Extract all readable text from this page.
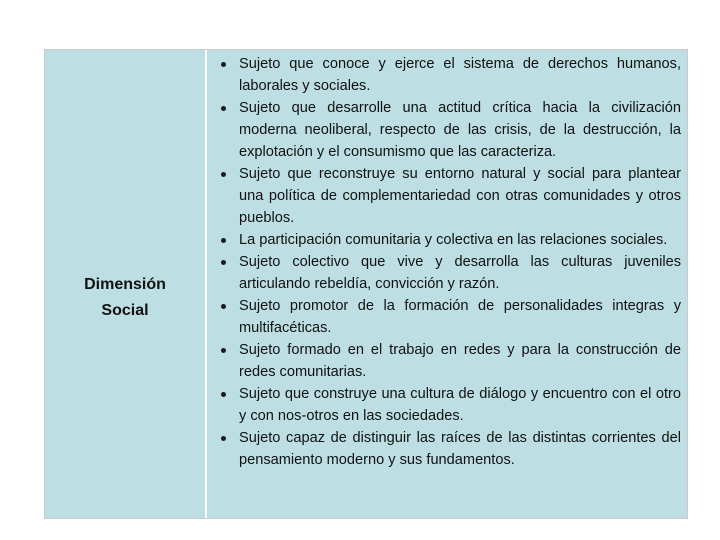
Dimensión
Social
Sujeto que conoce y ejerce el sistema de derechos humanos, laborales y sociales.
Sujeto que desarrolle una actitud crítica hacia la civilización moderna neoliberal, respecto de las crisis, de la destrucción, la explotación y el consumismo que las caracteriza.
Sujeto que reconstruye su entorno natural y social para plantear una política de complementariedad con otras comunidades y otros pueblos.
La participación comunitaria y colectiva en las relaciones sociales.
Sujeto colectivo que vive y desarrolla las culturas juveniles articulando rebeldía, convicción y razón.
Sujeto promotor de la formación de personalidades integras y multifacéticas.
Sujeto formado en el trabajo en redes y para la construcción de redes comunitarias.
Sujeto que construye una cultura de diálogo y encuentro con el otro y con nos-otros en las sociedades.
Sujeto capaz de distinguir las raíces de las distintas corrientes del pensamiento moderno y sus fundamentos.
